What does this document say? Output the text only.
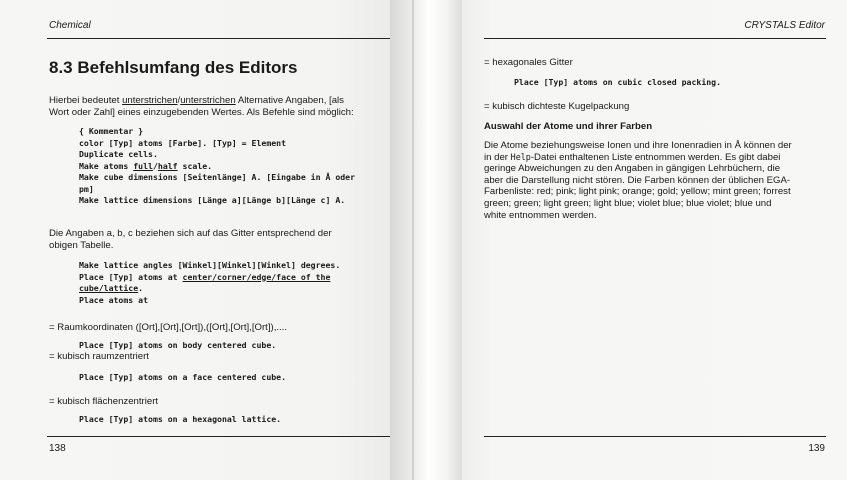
Chemical
8.3 Befehlsumfang des Editors
Hierbei bedeutet unterstrichen/unterstrichen Alternative Angaben, [als
Wort oder Zahl] eines einzugebenden Wertes. Als Befehle sind möglich:
{ Kommentar }
color [Typ] atoms [Farbe]. [Typ] = Element
Duplicate cells.
Make atoms full/half scale.
Make cube dimensions [Seitenlänge] A. [Eingabe in Å oder
pm]
Make lattice dimensions [Länge a][Länge b][Länge c] A.
Die Angaben a, b, c beziehen sich auf das Gitter entsprechend der
obigen Tabelle.
Make lattice angles [Winkel][Winkel][Winkel] degrees.
Place [Typ] atoms at center/corner/edge/face of the
cube/lattice.
Place atoms at
= Raumkoordinaten ([Ort],[Ort],[Ort]),([Ort],[Ort],[Ort]),....
Place [Typ] atoms on body centered cube.
= kubisch raumzentriert
Place [Typ] atoms on a face centered cube.
= kubisch flächenzentriert
Place [Typ] atoms on a hexagonal lattice.
138
CRYSTALS Editor
= hexagonales Gitter
Place [Typ] atoms on cubic closed packing.
= kubisch dichteste Kugelpackung
Auswahl der Atome und ihrer Farben
Die Atome beziehungsweise Ionen und ihre Ionenradien in Å können der
in der Help-Datei enthaltenen Liste entnommen werden. Es gibt dabei
geringe Abweichungen zu den Angaben in gängigen Lehrbüchern, die
aber die Darstellung nicht stören. Die Farben können der üblichen EGA-
Farbenliste: red; pink; light pink; orange; gold; yellow; mint green; forrest
green; green; light green; light blue; violet blue; blue violet; blue und
white entnommen werden.
139
